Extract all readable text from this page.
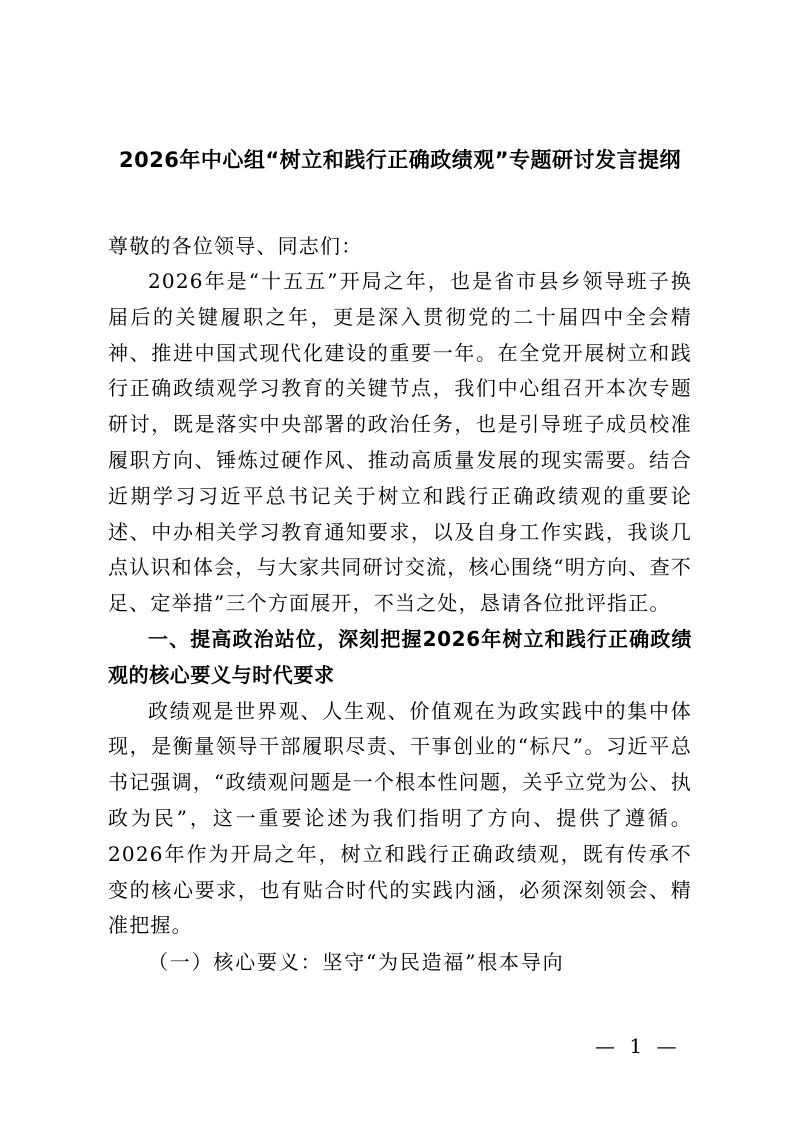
2026年中心组“树立和践行正确政绩观”专题研讨发言提纲

尊敬的各位领导、同志们：

2026年是“十五五”开局之年，也是省市县乡领导班子换届后的关键履职之年，更是深入贯彻党的二十届四中全会精神、推进中国式现代化建设的重要一年。在全党开展树立和践行正确政绩观学习教育的关键节点，我们中心组召开本次专题研讨，既是落实中央部署的政治任务，也是引导班子成员校准履职方向、锤炼过硬作风、推动高质量发展的现实需要。结合近期学习习近平总书记关于树立和践行正确政绩观的重要论述、中办相关学习教育通知要求，以及自身工作实践，我谈几点认识和体会，与大家共同研讨交流，核心围绕“明方向、查不足、定举措”三个方面展开，不当之处，恳请各位批评指正。

一、提高政治站位，深刻把握2026年树立和践行正确政绩观的核心要义与时代要求

政绩观是世界观、人生观、价值观在为政实践中的集中体现，是衡量领导干部履职尽责、干事创业的“标尺”。习近平总书记强调，“政绩观问题是一个根本性问题，关乎立党为公、执政为民”，这一重要论述为我们指明了方向、提供了遵循。2026年作为开局之年，树立和践行正确政绩观，既有传承不变的核心要求，也有贴合时代的实践内涵，必须深刻领会、精准把握。

（一）核心要义：坚守“为民造福”根本导向

— 1 —
